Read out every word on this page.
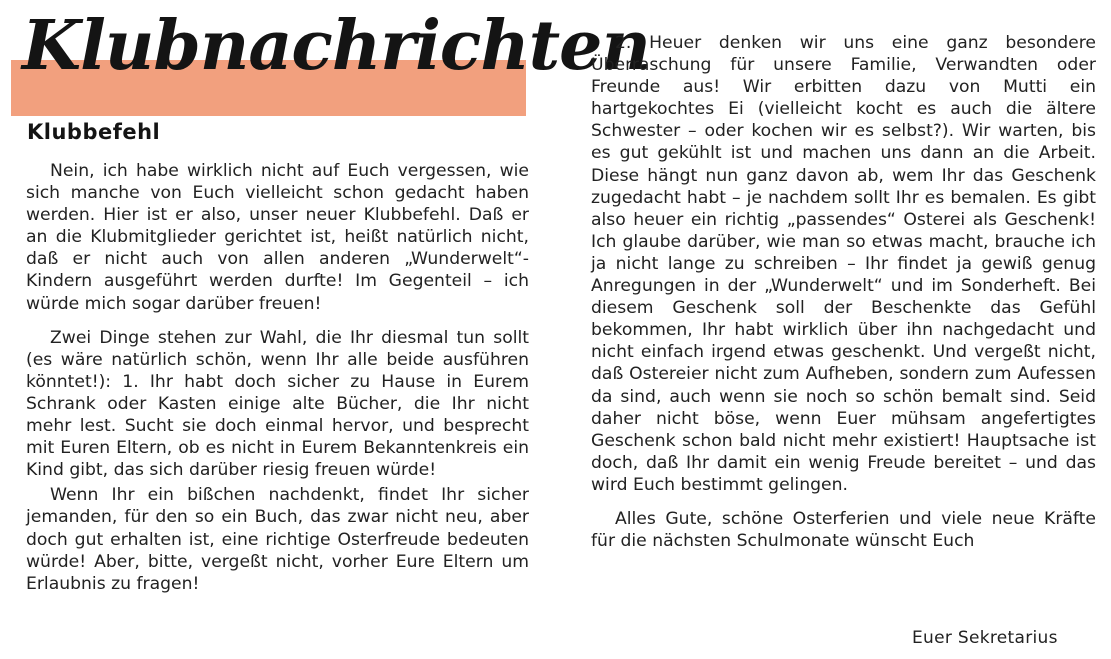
Klubnachrichten
Klubbefehl

Nein, ich habe wirklich nicht auf Euch vergessen, wie sich manche von Euch vielleicht schon gedacht haben werden. Hier ist er also, unser neuer Klubbefehl. Daß er an die Klubmitglieder gerichtet ist, heißt natürlich nicht, daß er nicht auch von allen anderen „Wunderwelt“-Kindern ausgeführt werden durfte! Im Gegenteil – ich würde mich sogar darüber freuen!

Zwei Dinge stehen zur Wahl, die Ihr diesmal tun sollt (es wäre natürlich schön, wenn Ihr alle beide ausführen könntet!): 1. Ihr habt doch sicher zu Hause in Eurem Schrank oder Kasten einige alte Bücher, die Ihr nicht mehr lest. Sucht sie doch einmal hervor, und besprecht mit Euren Eltern, ob es nicht in Eurem Bekanntenkreis ein Kind gibt, das sich darüber riesig freuen würde!

Wenn Ihr ein bißchen nachdenkt, findet Ihr sicher jemanden, für den so ein Buch, das zwar nicht neu, aber doch gut erhalten ist, eine richtige Osterfreude bedeuten würde! Aber, bitte, vergeßt nicht, vorher Eure Eltern um Erlaubnis zu fragen!

2. Heuer denken wir uns eine ganz besondere Überraschung für unsere Familie, Verwandten oder Freunde aus! Wir erbitten dazu von Mutti ein hartgekochtes Ei (vielleicht kocht es auch die ältere Schwester – oder kochen wir es selbst?). Wir warten, bis es gut gekühlt ist und machen uns dann an die Arbeit. Diese hängt nun ganz davon ab, wem Ihr das Geschenk zugedacht habt – je nachdem sollt Ihr es bemalen. Es gibt also heuer ein richtig „passendes“ Osterei als Geschenk! Ich glaube darüber, wie man so etwas macht, brauche ich ja nicht lange zu schreiben – Ihr findet ja gewiß genug Anregungen in der „Wunderwelt“ und im Sonderheft. Bei diesem Geschenk soll der Beschenkte das Gefühl bekommen, Ihr habt wirklich über ihn nachgedacht und nicht einfach irgend etwas geschenkt. Und vergeßt nicht, daß Ostereier nicht zum Aufheben, sondern zum Aufessen da sind, auch wenn sie noch so schön bemalt sind. Seid daher nicht böse, wenn Euer mühsam angefertigtes Geschenk schon bald nicht mehr existiert! Hauptsache ist doch, daß Ihr damit ein wenig Freude bereitet – und das wird Euch bestimmt gelingen.

Alles Gute, schöne Osterferien und viele neue Kräfte für die nächsten Schulmonate wünscht Euch

Euer Sekretarius
